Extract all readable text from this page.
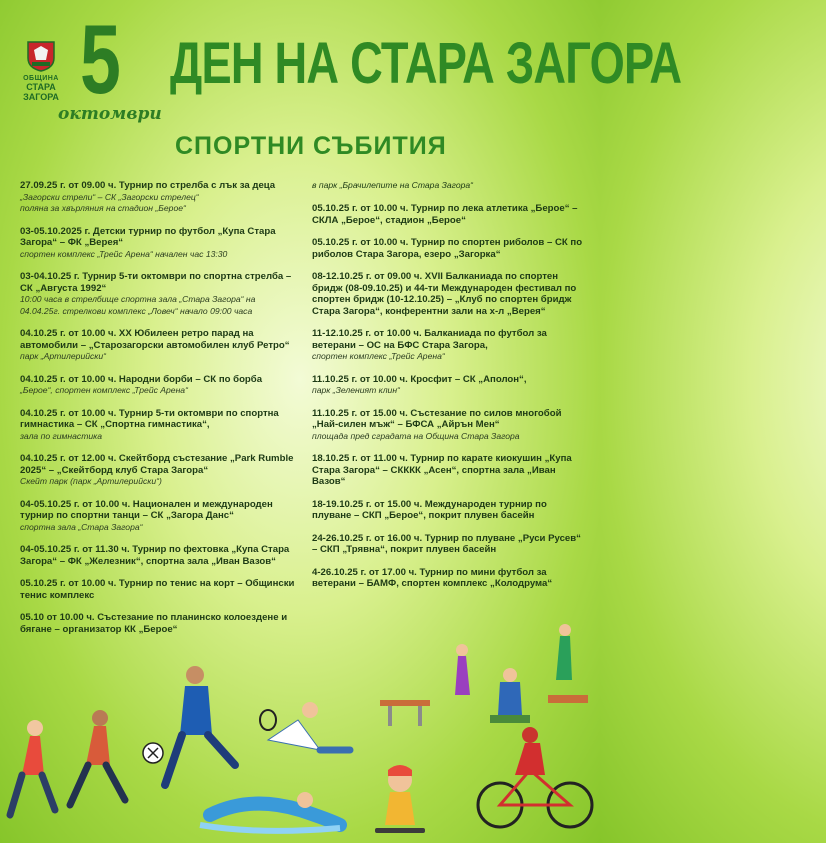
ОБЩИНА
СТАРА
ЗАГОРА 5
октомври
ДЕН НА СТАРА ЗАГОРА
СПОРТНИ СЪБИТИЯ
27.09.25 г. от 09.00 ч. Турнир по стрелба с лък за деца
„Загорски стрели“ – СК „Загорски стрелец“
поляна за хвърляния на стадион „Берое“
03-05.10.2025 г. Детски турнир по футбол „Купа Стара Загора“ – ФК „Верея“
спортен комплекс „Трейс Арена“ начален час 13:30
03-04.10.25 г. Турнир 5-ти октомври по спортна стрелба – СК „Августа 1992“
10:00 часа в стрелбище спортна зала „Стара Загора“ на
04.04.25г. стрелкови комплекс „Ловеч“ начало 09:00 часа
04.10.25 г. от 10.00 ч. ХХ Юбилеен ретро парад на автомобили – „Старозагорски автомобилен клуб Ретро“
парк „Артилерийски“
04.10.25 г. от 10.00 ч. Народни борби – СК по борба
„Берое“, спортен комплекс „Трейс Арена“
04.10.25 г. от 10.00 ч. Турнир 5-ти октомври по спортна гимнастика – СК „Спортна гимнастика“,
зала по гимнастика
04.10.25 г. от 12.00 ч. Скейтборд състезание „Park Rumble 2025“ – „Скейтборд клуб Стара Загора“
Скейт парк (парк „Артилерийски“)
04-05.10.25 г. от 10.00 ч. Национален и международен турнир по спортни танци – СК „Загора Данс“
спортна зала „Стара Загора“
04-05.10.25 г. от 11.30 ч. Турнир по фехтовка „Купа Стара Загора“ – ФК „Железник“, спортна зала „Иван Вазов“
05.10.25 г. от 10.00 ч. Турнир по тенис на корт – Общински тенис комплекс
05.10 от 10.00 ч. Състезание по планинско колоездене и бягане – организатор КК „Берое“
в парк „Брачилепите на Стара Загора“
05.10.25 г. от 10.00 ч. Турнир по лека атлетика „Берое“ – СКЛА „Берое“, стадион „Берое“
05.10.25 г. от 10.00 ч. Турнир по спортен риболов – СК по риболов Стара Загора, езеро „Загорка“
08-12.10.25 г. от 09.00 ч. XVII Балканиада по спортен бридж (08-09.10.25) и 44-ти Международен фестивал по спортен бридж (10-12.10.25) – „Клуб по спортен бридж Стара Загора“, конферентни зали на х-л „Верея“
11-12.10.25 г. от 10.00 ч. Балканиада по футбол за ветерани – ОС на БФС Стара Загора,
спортен комплекс „Трейс Арена“
11.10.25 г. от 10.00 ч. Кросфит – СК „Аполон“,
парк „Зеленият клин“
11.10.25 г. от 15.00 ч. Състезание по силов многобой „Най-силен мъж“ – БФСА „Айрън Мен“
площада пред сградата на Община Стара Загора
18.10.25 г. от 11.00 ч. Турнир по карате киокушин „Купа Стара Загора“ – СКККК „Асен“, спортна зала „Иван Вазов“
18-19.10.25 г. от 15.00 ч. Международен турнир по плуване – СКП „Берое“, покрит плувен басейн
24-26.10.25 г. от 16.00 ч. Турнир по плуване „Руси Русев“ – СКП „Трявна“, покрит плувен басейн
4-26.10.25 г. от 17.00 ч. Турнир по мини футбол за ветерани – БАМФ, спортен комплекс „Колодрума“
